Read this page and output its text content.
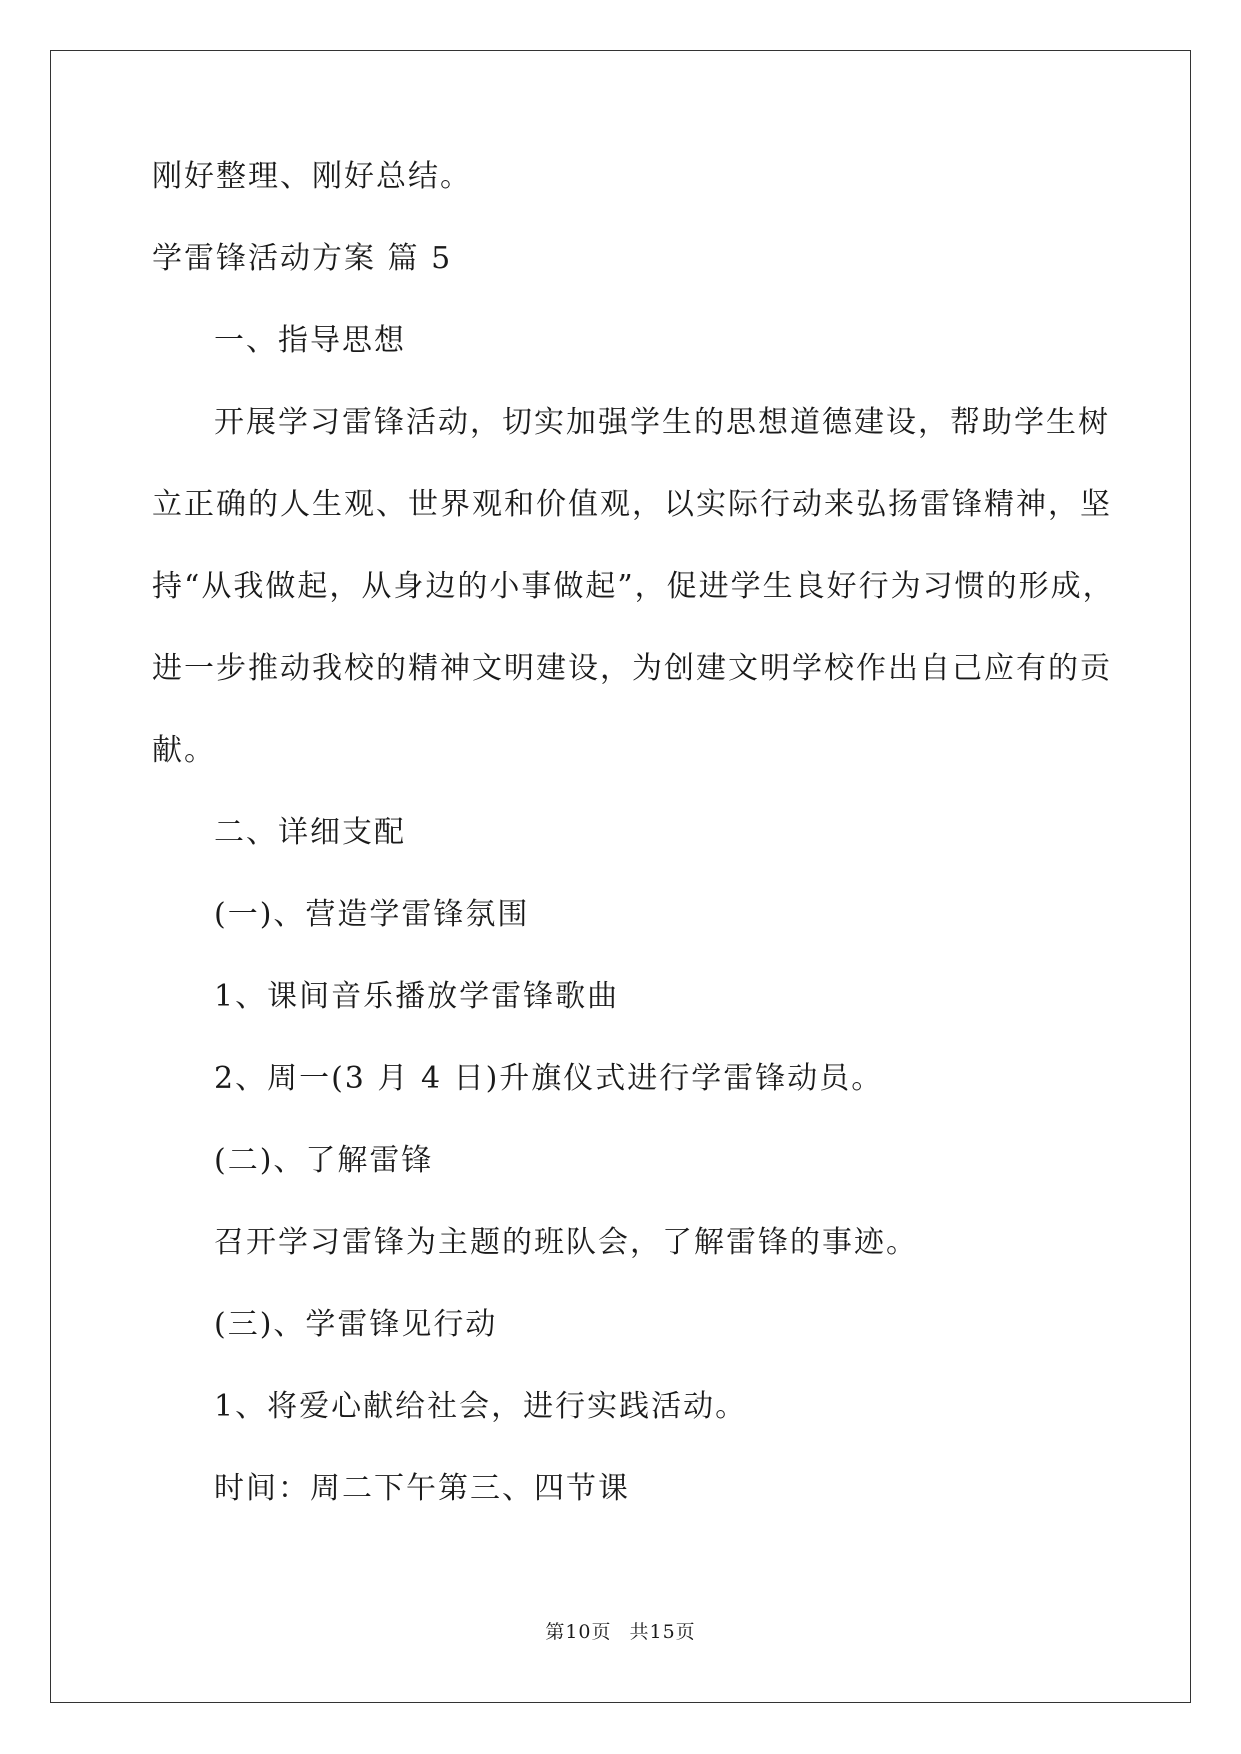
刚好整理、刚好总结。
学雷锋活动方案 篇 5
一、指导思想
开展学习雷锋活动，切实加强学生的思想道德建设，帮助学生树
立正确的人生观、世界观和价值观，以实际行动来弘扬雷锋精神，坚
持“从我做起，从身边的小事做起”，促进学生良好行为习惯的形成，
进一步推动我校的精神文明建设，为创建文明学校作出自己应有的贡
献。
二、详细支配
(一)、营造学雷锋氛围
1、课间音乐播放学雷锋歌曲
2、周一(3 月 4 日)升旗仪式进行学雷锋动员。
(二)、了解雷锋
召开学习雷锋为主题的班队会，了解雷锋的事迹。
(三)、学雷锋见行动
1、将爱心献给社会，进行实践活动。
时间：周二下午第三、四节课
第10页 共15页
